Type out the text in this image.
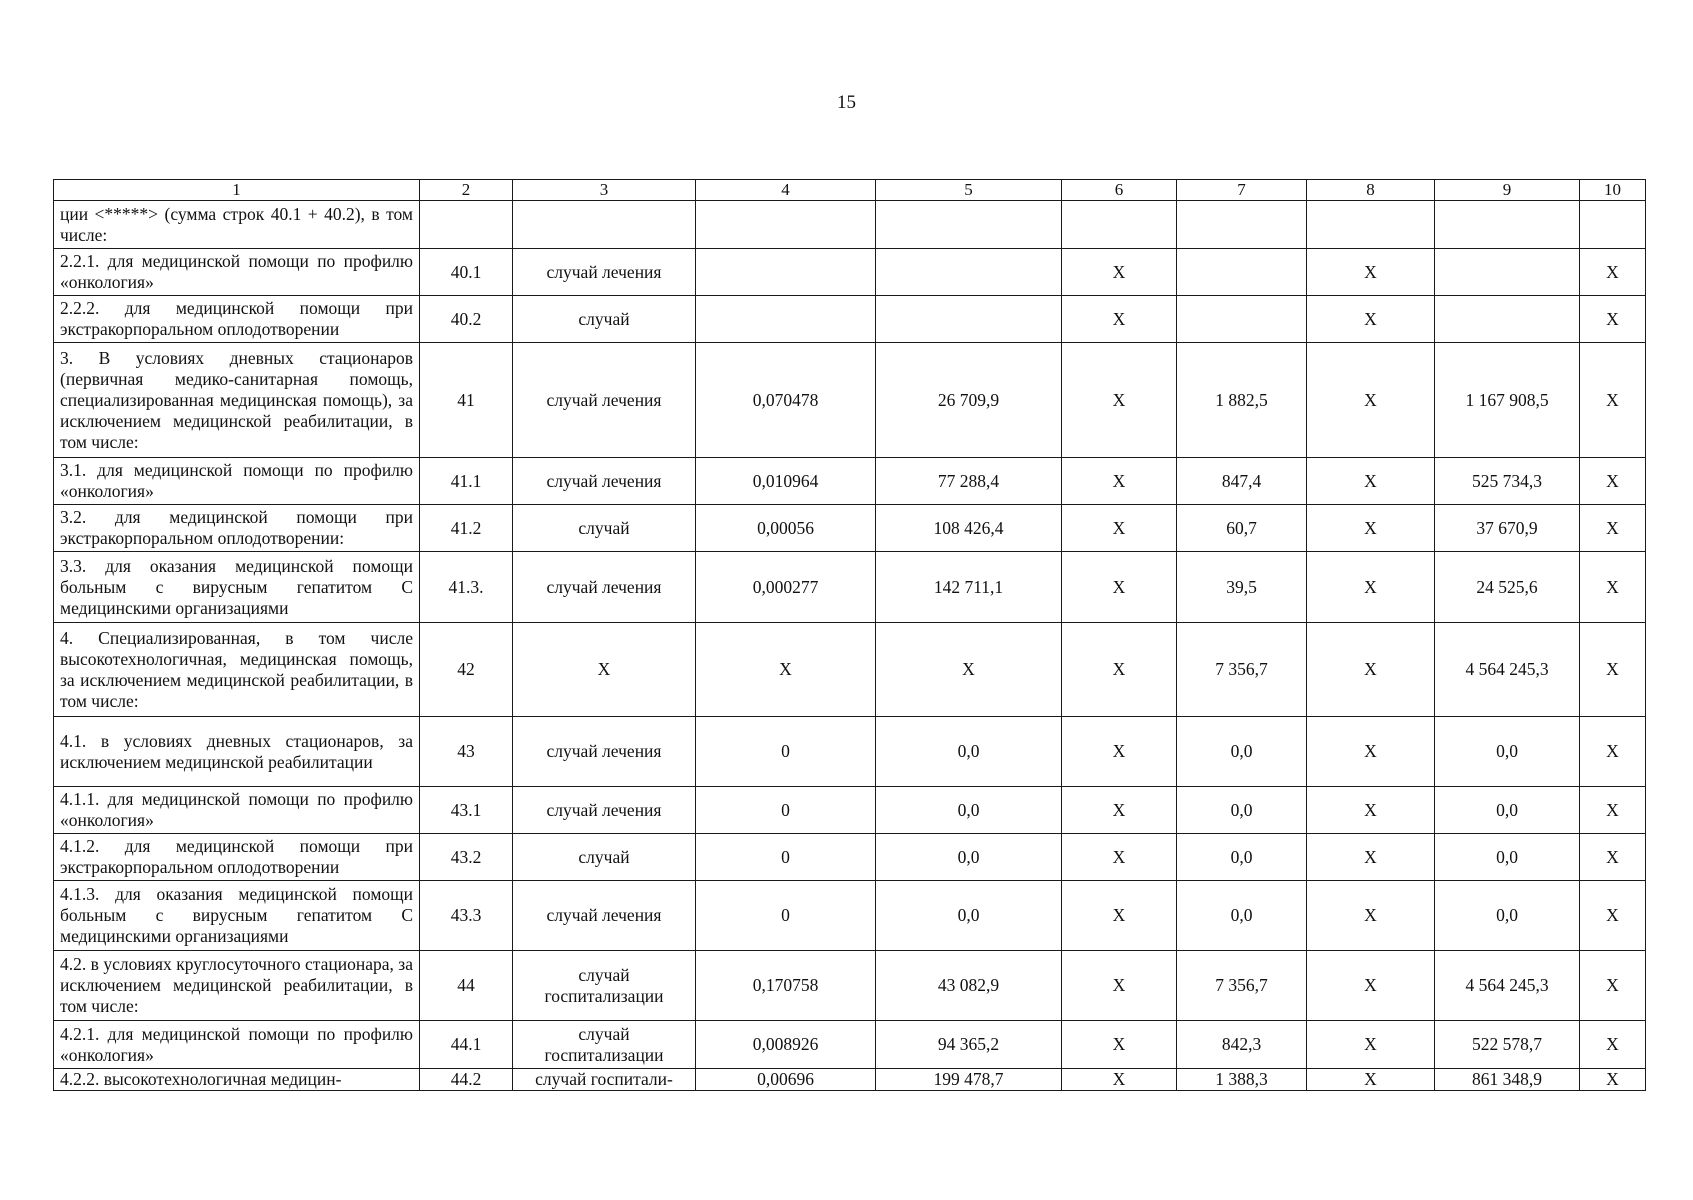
15
1	2	3	4	5	6	7	8	9	10
ции <*****> (сумма строк 40.1 + 40.2), в том числе:									
2.2.1. для медицинской помощи по профилю «онкология»	40.1	случай лечения			X		X		X
2.2.2. для медицинской помощи при экстракорпоральном оплодотворении	40.2	случай			X		X		X
3. В условиях дневных стационаров (первичная медико-санитарная помощь, специализированная медицинская помощь), за исключением медицинской реабилитации, в том числе:	41	случай лечения	0,070478	26 709,9	X	1 882,5	X	1 167 908,5	X
3.1. для медицинской помощи по профилю «онкология»	41.1	случай лечения	0,010964	77 288,4	X	847,4	X	525 734,3	X
3.2. для медицинской помощи при экстракорпоральном оплодотворении:	41.2	случай	0,00056	108 426,4	X	60,7	X	37 670,9	X
3.3. для оказания медицинской помощи больным с вирусным гепатитом С медицинскими организациями	41.3.	случай лечения	0,000277	142 711,1	X	39,5	X	24 525,6	X
4. Специализированная, в том числе высокотехнологичная, медицинская помощь, за исключением медицинской реабилитации, в том числе:	42	X	X	X	X	7 356,7	X	4 564 245,3	X
4.1. в условиях дневных стационаров, за исключением медицинской реабилитации	43	случай лечения	0	0,0	X	0,0	X	0,0	X
4.1.1. для медицинской помощи по профилю «онкология»	43.1	случай лечения	0	0,0	X	0,0	X	0,0	X
4.1.2. для медицинской помощи при экстракорпоральном оплодотворении	43.2	случай	0	0,0	X	0,0	X	0,0	X
4.1.3. для оказания медицинской помощи больным с вирусным гепатитом С медицинскими организациями	43.3	случай лечения	0	0,0	X	0,0	X	0,0	X
4.2. в условиях круглосуточного стационара, за исключением медицинской реабилитации, в том числе:	44	случай госпитализации	0,170758	43 082,9	X	7 356,7	X	4 564 245,3	X
4.2.1. для медицинской помощи по профилю «онкология»	44.1	случай госпитализации	0,008926	94 365,2	X	842,3	X	522 578,7	X
4.2.2. высокотехнологичная медицин-	44.2	случай госпитали-	0,00696	199 478,7	X	1 388,3	X	861 348,9	X
